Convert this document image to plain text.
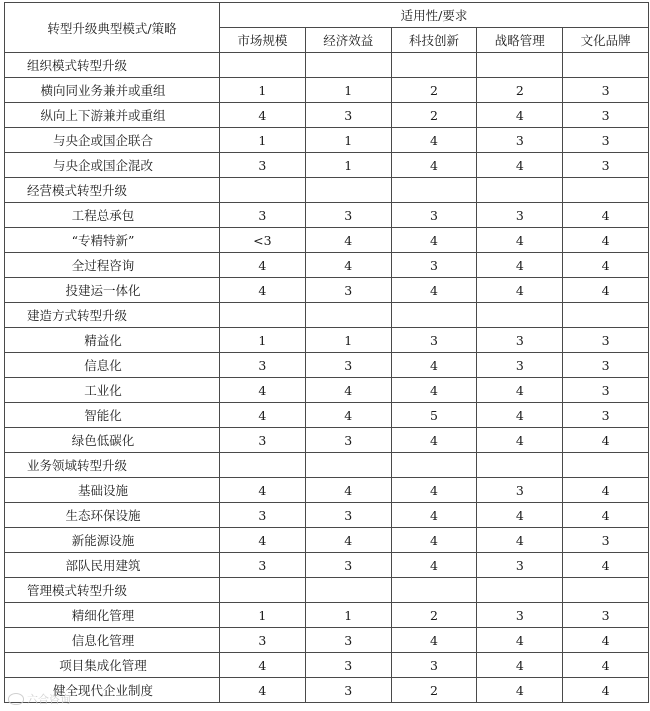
转型升级典型模式/策略	适用性/要求				
	市场规模	经济效益	科技创新	战略管理	文化品牌
组织模式转型升级					
横向同业务兼并或重组	1	1	2	2	3
纵向上下游兼并或重组	4	3	2	4	3
与央企或国企联合	1	1	4	3	3
与央企或国企混改	3	1	4	4	3
经营模式转型升级					
工程总承包	3	3	3	3	4
“专精特新”	<3	4	4	4	4
全过程咨询	4	4	3	4	4
投建运一体化	4	3	4	4	4
建造方式转型升级					
精益化	1	1	3	3	3
信息化	3	3	4	3	3
工业化	4	4	4	4	3
智能化	4	4	5	4	3
绿色低碳化	3	3	4	4	4
业务领域转型升级					
基础设施	4	4	4	3	4
生态环保设施	3	3	4	4	4
新能源设施	4	4	4	4	3
部队民用建筑	3	3	4	3	4
管理模式转型升级					
精细化管理	1	1	2	3	3
信息化管理	3	3	4	4	4
项目集成化管理	4	3	3	4	4
健全现代企业制度	4	3	2	4	4
六合咨询
